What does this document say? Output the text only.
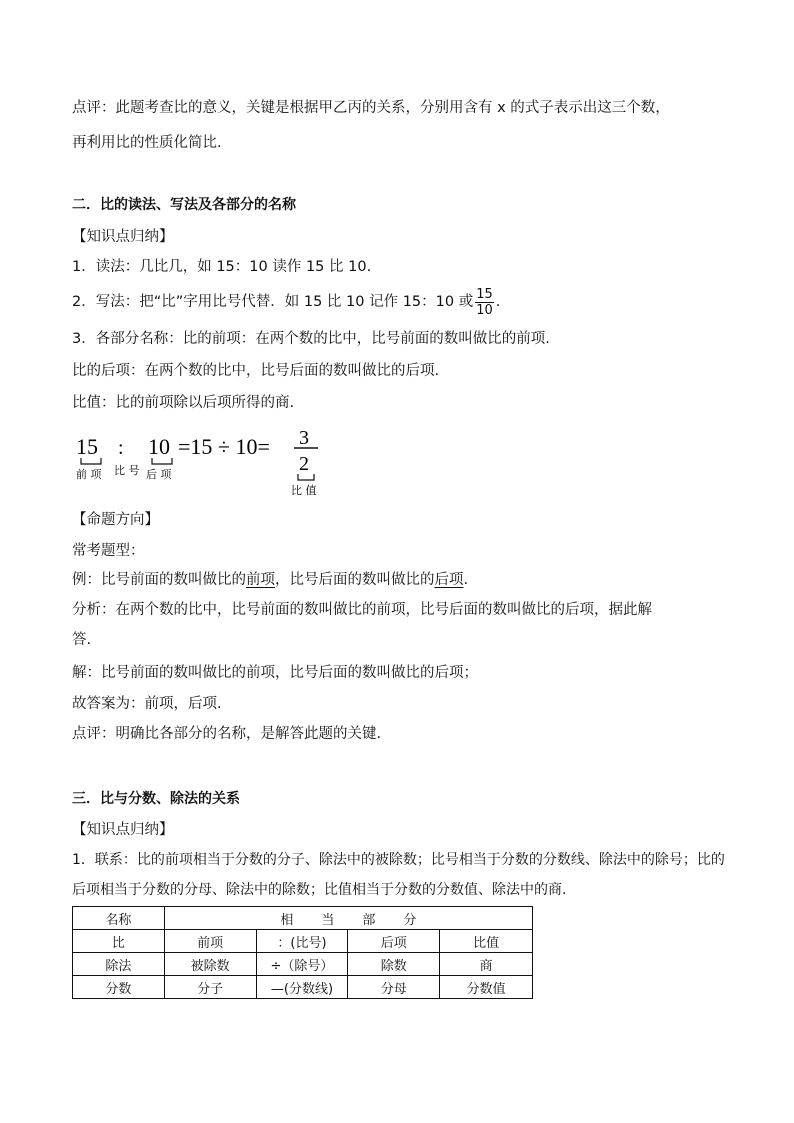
点评：此题考查比的意义，关键是根据甲乙丙的关系，分别用含有 x 的式子表示出这三个数，
再利用比的性质化简比.
二．比的读法、写法及各部分的名称
【知识点归纳】
1．读法：几比几，如 15：10 读作 15 比 10.
2．写法：把“比”字用比号代替．如 15 比 10 记作 15：10 或 $\frac{15}{10}$ .
3．各部分名称：比的前项：在两个数的比中，比号前面的数叫做比的前项.
比的后项：在两个数的比中，比号后面的数叫做比的后项.
比值：比的前项除以后项所得的商.
15 : 10 =15 ÷ 10= 3
2
前 项 比 号 后 项
比 值
【命题方向】
常考题型：
例：比号前面的数叫做比的前项，比号后面的数叫做比的后项.
分析：在两个数的比中，比号前面的数叫做比的前项，比号后面的数叫做比的后项，据此解
答.
解：比号前面的数叫做比的前项，比号后面的数叫做比的后项；
故答案为：前项，后项.
点评：明确比各部分的名称，是解答此题的关键.
三．比与分数、除法的关系
【知识点归纳】
1．联系：比的前项相当于分数的分子、除法中的被除数；比号相当于分数的分数线、除法中的除号；比的
后项相当于分数的分母、除法中的除数；比值相当于分数的分数值、除法中的商.
名称	相当部分			
比	前项	：(比号)	后项	比值
除法	被除数	÷（除号）	除数	商
分数	分子	—(分数线)	分母	分数值
